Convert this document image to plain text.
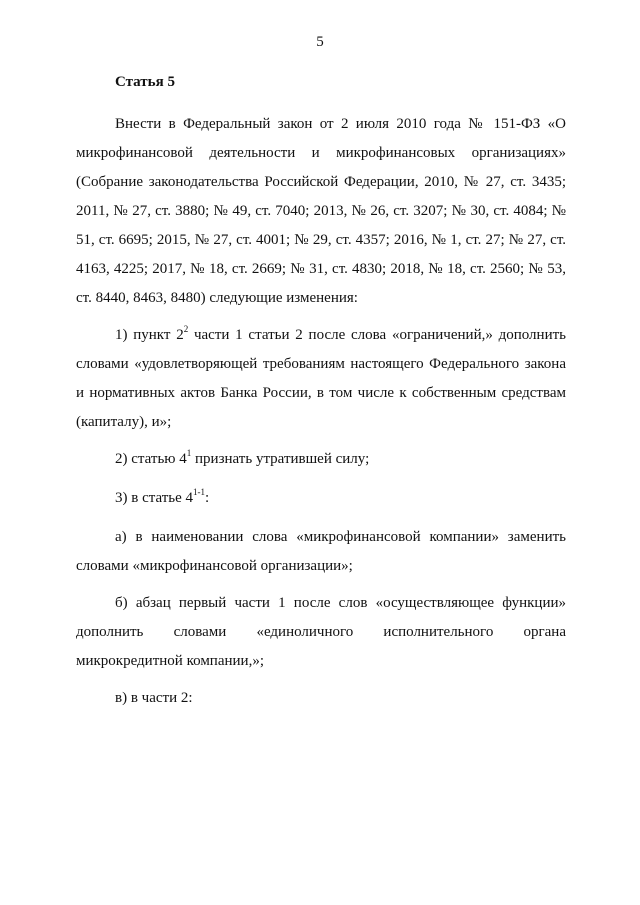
5
Статья 5

Внести в Федеральный закон от 2 июля 2010 года № 151-ФЗ «О микрофинансовой деятельности и микрофинансовых организациях» (Собрание законодательства Российской Федерации, 2010, № 27, ст. 3435; 2011, № 27, ст. 3880; № 49, ст. 7040; 2013, № 26, ст. 3207; № 30, ст. 4084; № 51, ст. 6695; 2015, № 27, ст. 4001; № 29, ст. 4357; 2016, № 1, ст. 27; № 27, ст. 4163, 4225; 2017, № 18, ст. 2669; № 31, ст. 4830; 2018, № 18, ст. 2560; № 53, ст. 8440, 8463, 8480) следующие изменения:

1) пункт $2^2$ части 1 статьи 2 после слова «ограничений,» дополнить словами «удовлетворяющей требованиям настоящего Федерального закона и нормативных актов Банка России, в том числе к собственным средствам (капиталу), и»;

2) статью $4^1$ признать утратившей силу;

3) в статье 4$^{1-1}$:

а) в наименовании слова «микрофинансовой компании» заменить словами «микрофинансовой организации»;

б) абзац первый части 1 после слов «осуществляющее функции» дополнить словами «единоличного исполнительного органа микрокредитной компании,»;

в) в части 2:
